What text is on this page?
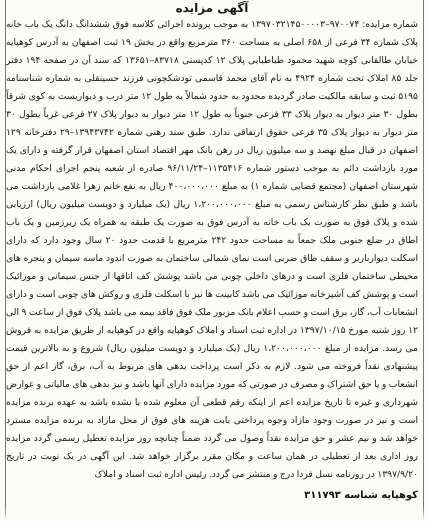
آگهی مزایده

شماره مزایده: ۹۷۰۰۷۴–۱۳۹۷۰۳۲۱۴۵۰۰۰۰۳ به موجب پرونده اجرائی کلاسه فوق ششدانگ دانگ یک باب خانه پلاک شماره ۳۴ فرعی از ۶۵۸ اصلی به مساحت ۳۶۰ مترمربع واقع در بخش ۱۹ ثبت اصفهان به آدرس کوهپایه خیابان طالقانی کوچه شهید محمود طباطبایی پلاک ۱۲ کدپستی ۸۳۷۱۸–۱۳۶۵۱ که سند آن در صفحه ۱۹۴ دفتر جلد ۸۵ املاک تحت شماره ۴۹۲۴ به نام آقای محمد قاسمی تودشکچونی فرزند حسینقلی به شماره شناسنامه ۵۱۹۵ ثبت و سابقه مالکیت صادر گردیده محدود به حدود شمالاً به طول ۱۲ متر درب و دیواریست به کوی شرقاً بطول ۳۰ متر دیوار به دیوار پلاک ۳۳ فرعی جنوباً به طول ۱۲ متر دیوار به دیوار پلاک ۲۷ فرعی غرباً بطول ۳۰ متر دیوار به دیوار پلاک ۳۵ فرعی حقوق ارتفاقی ندارد. طبق سند رهنی شماره ۱۳۹۴۳۷۴۲–۲۹ دفترخانه ۱۲۹ اصفهان در قبال مبلغ نهصد و سه میلیون ریال در رهن بانک مهر اقتصاد استان اصفهان قرار گرفته و دارای یک مورد بازداشت دائم به موجب دستور شماره ۱۱۳۵۴۱۶–۹۶/۱۱/۲۴ صادره از شعبه پنجم اجرای احکام مدنی شهرستان اصفهان (مجتمع قضایی شماره ۱) به مبلغ ۴۰۰،۰۰۰،۰۰۰ ریال به نفع خانم زهرا غلامی بازداشت می باشد و طبق نظر کارشناس رسمی به مبلغ ۱،۲۰۰،۰۰۰،۰۰۰ ریال (یک میلیارد و دویست میلیون ریال) ارزیابی شده و پلاک فوق به صورت یک باب خانه به آدرس فوق به صورت یک طبقه به همراه یک زیرزمین و یک باب اطاق در ضلع جنوبی ملک جمعاً به مساحت حدود ۲۴۲ مترمربع با قدمت حدود ۲۰ سال وجود دارد که دارای اسکلت دیوارباربر و سقف طاق ضربی است نمای شمالی ساختمان به صورت اندود ماسه سیمان و پنجره های محیطی ساختمان فلزی است و درهای داخلی چوبی می باشد پوشش کف اتاقها از جنس سیمانی و موزائیک است و پوشش کف آشپزخانه موزائیک می باشد کابینت ها نیز با اسکلت فلزی و روکش های چوبی است و دارای انشعابات آب، گاز، برق است و حسب اعلام بانک مزبور ملک فوق فاقد بیمه می باشد پلاک فوق از ساعت ۹ الی ۱۲ روز شنبه مورخ ۱۳۹۷/۱۰/۱۵ در اداره ثبت اسناد و املاک کوهپایه واقع در کوهپایه از طریق مزایده به فروش می رسد. مزایده از مبلغ ۱،۲۰۰،۰۰۰،۰۰۰ ریال (یک میلیارد و دویست میلیون ریال) شروع و به بالاترین قیمت پیشنهادی نقداً فروخته می شود. لازم به ذکر است پرداخت بدهی های مربوط به آب، برق، گاز اعم از حق انشعاب و یا حق اشتراک و مصرف در صورتی که مورد مزایده دارای آنها باشد و نیز بدهی های مالیاتی و عوارض شهرداری و غیره تا تاریخ مزایده اعم از اینکه رقم قطعی آن معلوم شده یا نشده باشد به عهده برنده مزایده است و نیز در صورت وجود مازاد وجوه پرداختی بابت هزینه های فوق از محل مازاد به برنده مزایده مسترد خواهد شد و نیم عشر و حق مزایده نقداً وصول می گردد ضمناً چنانچه روز مزایده تعطیل رسمی گردد مزایده روز اداری بعد از تعطیلی در همان ساعت و مکان مقرر برگزار خواهد شد. این آگهی در یک نوبت در تاریخ ۱۳۹۷/۹/۲۰ در روزنامه نسل فردا درج و منتشر می گردد. رئیس اداره ثبت اسناد و املاک

کوهپایه شناسه ۳۱۱۷۹۳
